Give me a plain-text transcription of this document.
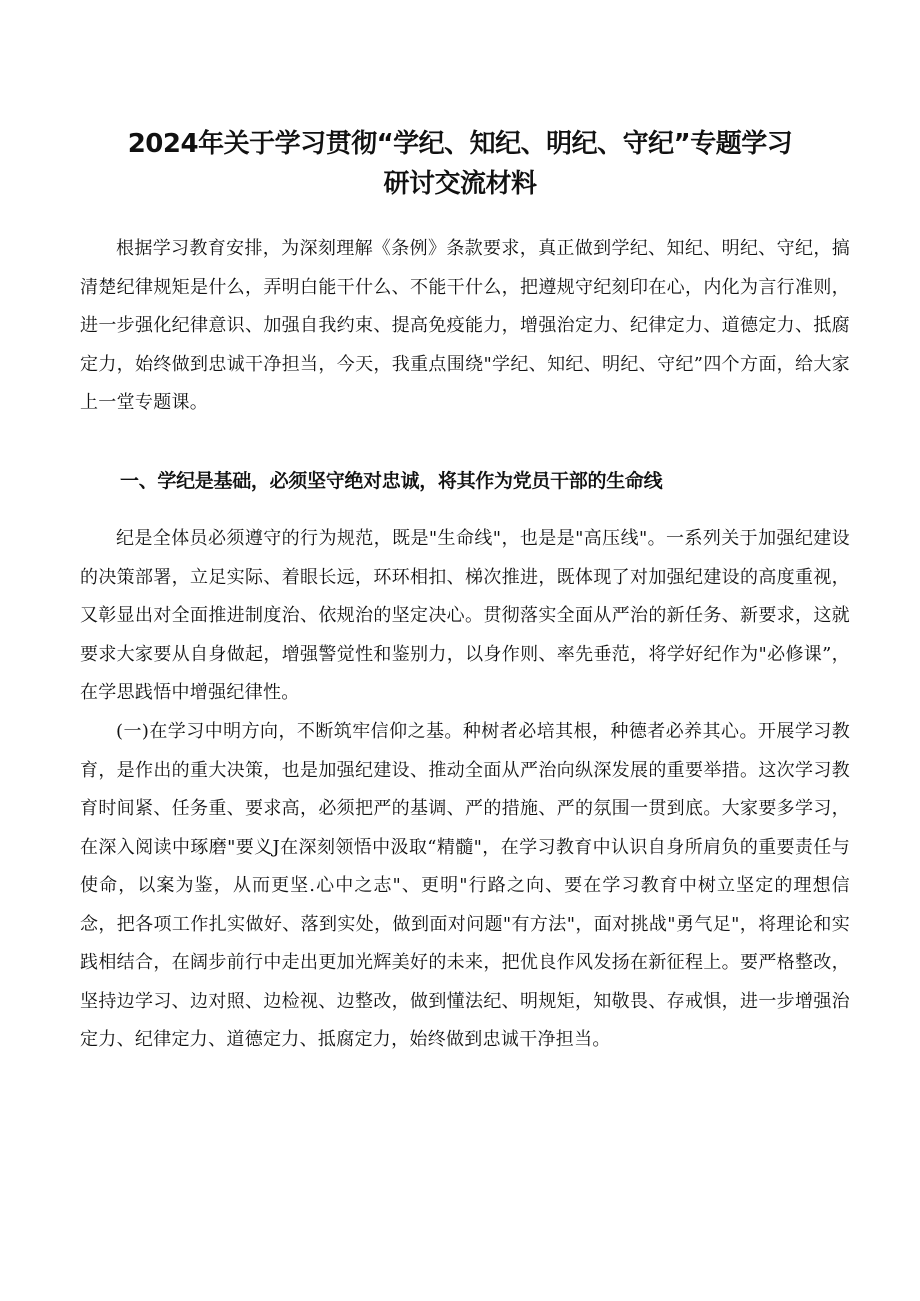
2024年关于学习贯彻“学纪、知纪、明纪、守纪”专题学习
研讨交流材料

根据学习教育安排，为深刻理解《条例》条款要求，真正做到学纪、知纪、明纪、守纪，搞清楚纪律规矩是什么，弄明白能干什么、不能干什么，把遵规守纪刻印在心，内化为言行准则，进一步强化纪律意识、加强自我约束、提高免疫能力，增强治定力、纪律定力、道德定力、抵腐定力，始终做到忠诚干净担当，今天，我重点围绕"学纪、知纪、明纪、守纪”四个方面，给大家上一堂专题课。

一、学纪是基础，必须坚守绝对忠诚，将其作为党员干部的生命线

纪是全体员必须遵守的行为规范，既是"生命线"，也是是"高压线"。一系列关于加强纪建设的决策部署，立足实际、着眼长远，环环相扣、梯次推进，既体现了对加强纪建设的高度重视，又彰显出对全面推进制度治、依规治的坚定决心。贯彻落实全面从严治的新任务、新要求，这就要求大家要从自身做起，增强警觉性和鉴别力，以身作则、率先垂范，将学好纪作为"必修课”，在学思践悟中增强纪律性。

(一)在学习中明方向，不断筑牢信仰之基。种树者必培其根，种德者必养其心。开展学习教育，是作出的重大决策，也是加强纪建设、推动全面从严治向纵深发展的重要举措。这次学习教育时间紧、任务重、要求高，必须把严的基调、严的措施、严的氛围一贯到底。大家要多学习，在深入阅读中琢磨"要义J在深刻领悟中汲取“精髓"，在学习教育中认识自身所肩负的重要责任与使命，以案为鉴，从而更坚.心中之志"、更明"行路之向、要在学习教育中树立坚定的理想信念，把各项工作扎实做好、落到实处，做到面对问题"有方法"，面对挑战"勇气足"，将理论和实践相结合，在阔步前行中走出更加光辉美好的未来，把优良作风发扬在新征程上。要严格整改，坚持边学习、边对照、边检视、边整改，做到懂法纪、明规矩，知敬畏、存戒惧，进一步增强治定力、纪律定力、道德定力、抵腐定力，始终做到忠诚干净担当。
